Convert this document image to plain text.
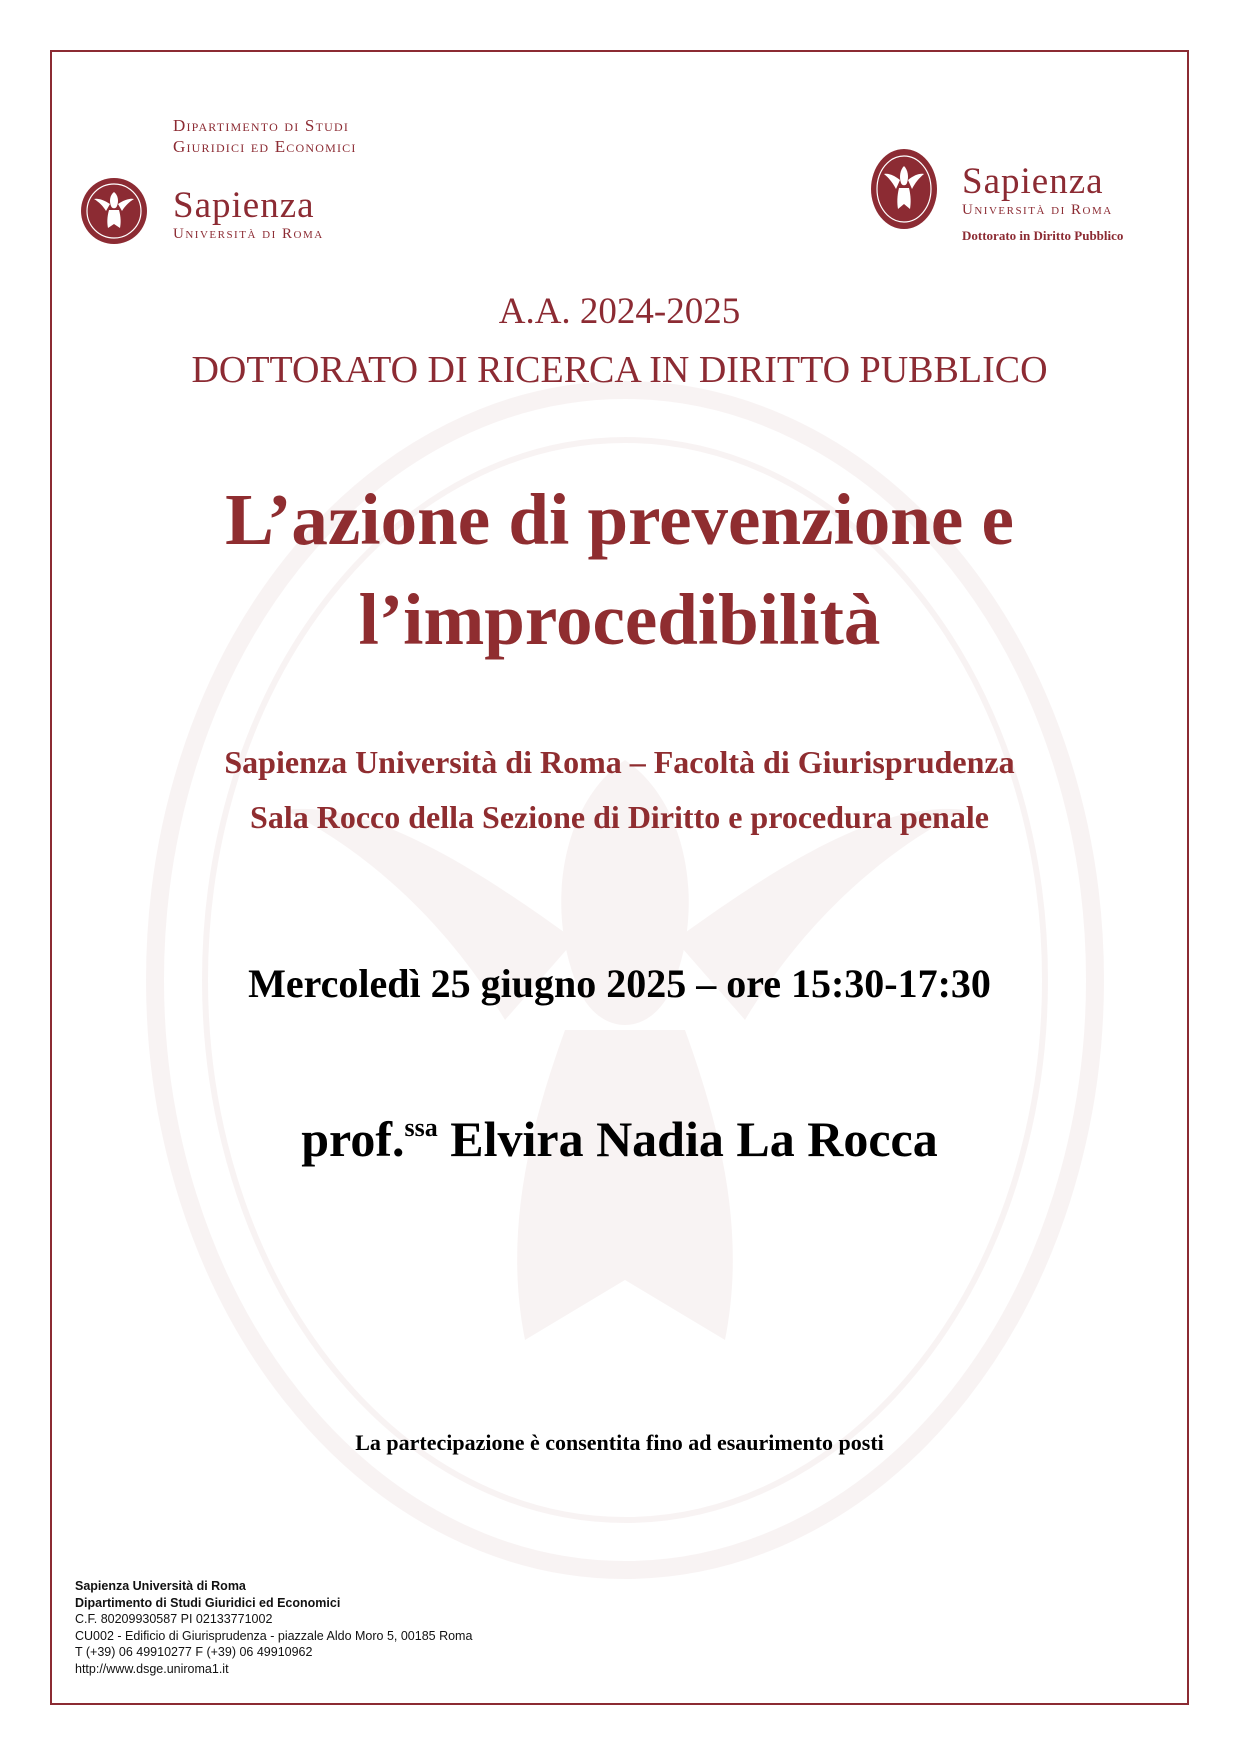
Dipartimento di Studi
Giuridici ed Economici
Sapienza
Università di Roma
Sapienza
Università di Roma
Dottorato in Diritto Pubblico
A.A. 2024-2025
DOTTORATO DI RICERCA IN DIRITTO PUBBLICO
L’azione di prevenzione e
l’improcedibilità
Sapienza Università di Roma – Facoltà di Giurisprudenza
Sala Rocco della Sezione di Diritto e procedura penale
Mercoledì 25 giugno 2025 – ore 15:30-17:30
prof.$^{ssa}$ Elvira Nadia La Rocca
La partecipazione è consentita fino ad esaurimento posti
Sapienza Università di Roma
Dipartimento di Studi Giuridici ed Economici
C.F. 80209930587 PI 02133771002
CU002 - Edificio di Giurisprudenza - piazzale Aldo Moro 5, 00185 Roma
T (+39) 06 49910277 F (+39) 06 49910962
http://www.dsge.uniroma1.it
